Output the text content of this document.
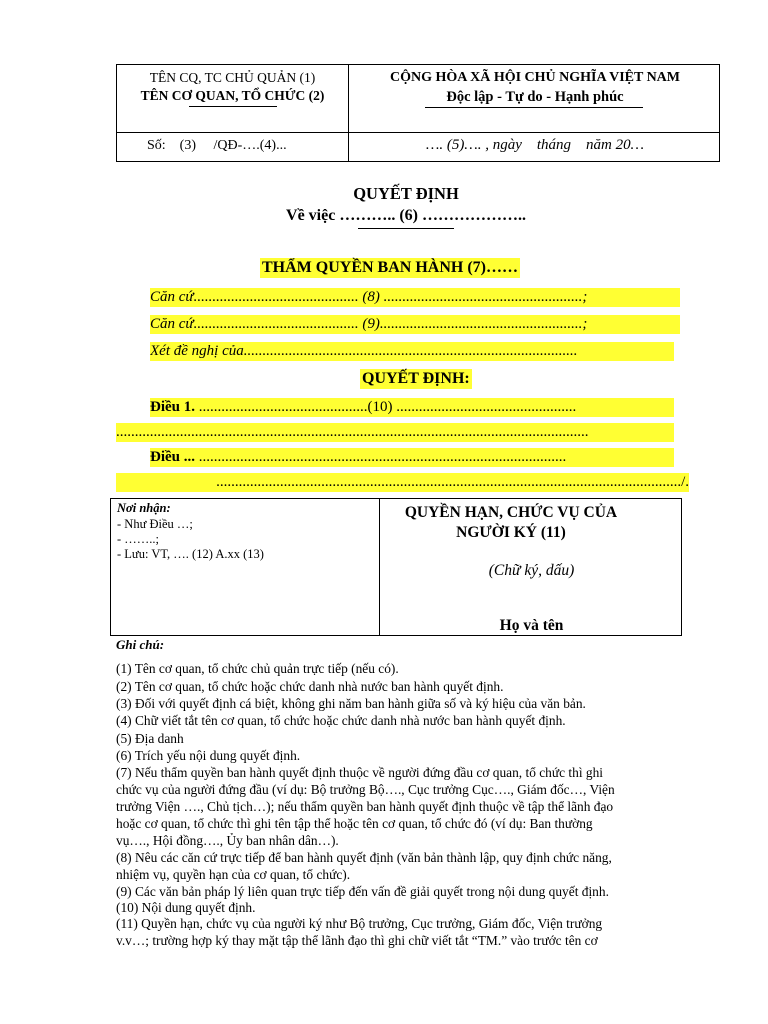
TÊN CQ, TC CHỦ QUẢN (1)
TÊN CƠ QUAN, TỔ CHỨC (2)
CỘNG HÒA XÃ HỘI CHỦ NGHĨA VIỆT NAM
Độc lập - Tự do - Hạnh phúc
Số:    (3)     /QĐ-….(4)...	…. (5)…. , ngày    tháng    năm 20…
QUYẾT ĐỊNH
Về việc ……….. (6) ………………..
THẨM QUYỀN BAN HÀNH (7)……
Căn cứ............................................ (8) .....................................................;
Căn cứ............................................ (9)......................................................;
Xét đề nghị của.........................................................................................
QUYẾT ĐỊNH:
Điều 1. .............................................(10) ................................................
..............................................................................................................................
Điều ... ..................................................................................................
............................................................................................................................/.
Nơi nhận:
- Như Điều …;
- ……..;
- Lưu: VT, …. (12) A.xx (13)
QUYỀN HẠN, CHỨC VỤ CỦA NGƯỜI KÝ (11)
(Chữ ký, dấu)
Họ và tên
Ghi chú:
(1) Tên cơ quan, tổ chức chủ quản trực tiếp (nếu có).
(2) Tên cơ quan, tổ chức hoặc chức danh nhà nước ban hành quyết định.
(3) Đối với quyết định cá biệt, không ghi năm ban hành giữa số và ký hiệu của văn bản.
(4) Chữ viết tắt tên cơ quan, tổ chức hoặc chức danh nhà nước ban hành quyết định.
(5) Địa danh
(6) Trích yếu nội dung quyết định.
(7) Nếu thẩm quyền ban hành quyết định thuộc về người đứng đầu cơ quan, tổ chức thì ghi
chức vụ của người đứng đầu (ví dụ: Bộ trưởng Bộ…., Cục trưởng Cục…., Giám đốc…, Viện
trưởng Viện …., Chủ tịch…); nếu thẩm quyền ban hành quyết định thuộc về tập thể lãnh đạo
hoặc cơ quan, tổ chức thì ghi tên tập thể hoặc tên cơ quan, tổ chức đó (ví dụ: Ban thường
vụ…., Hội đồng…., Ủy ban nhân dân…).
(8) Nêu các căn cứ trực tiếp để ban hành quyết định (văn bản thành lập, quy định chức năng,
nhiệm vụ, quyền hạn của cơ quan, tổ chức).
(9) Các văn bản pháp lý liên quan trực tiếp đến vấn đề giải quyết trong nội dung quyết định.
(10) Nội dung quyết định.
(11) Quyền hạn, chức vụ của người ký như Bộ trưởng, Cục trưởng, Giám đốc, Viện trưởng
v.v…; trường hợp ký thay mặt tập thể lãnh đạo thì ghi chữ viết tắt “TM.” vào trước tên cơ
